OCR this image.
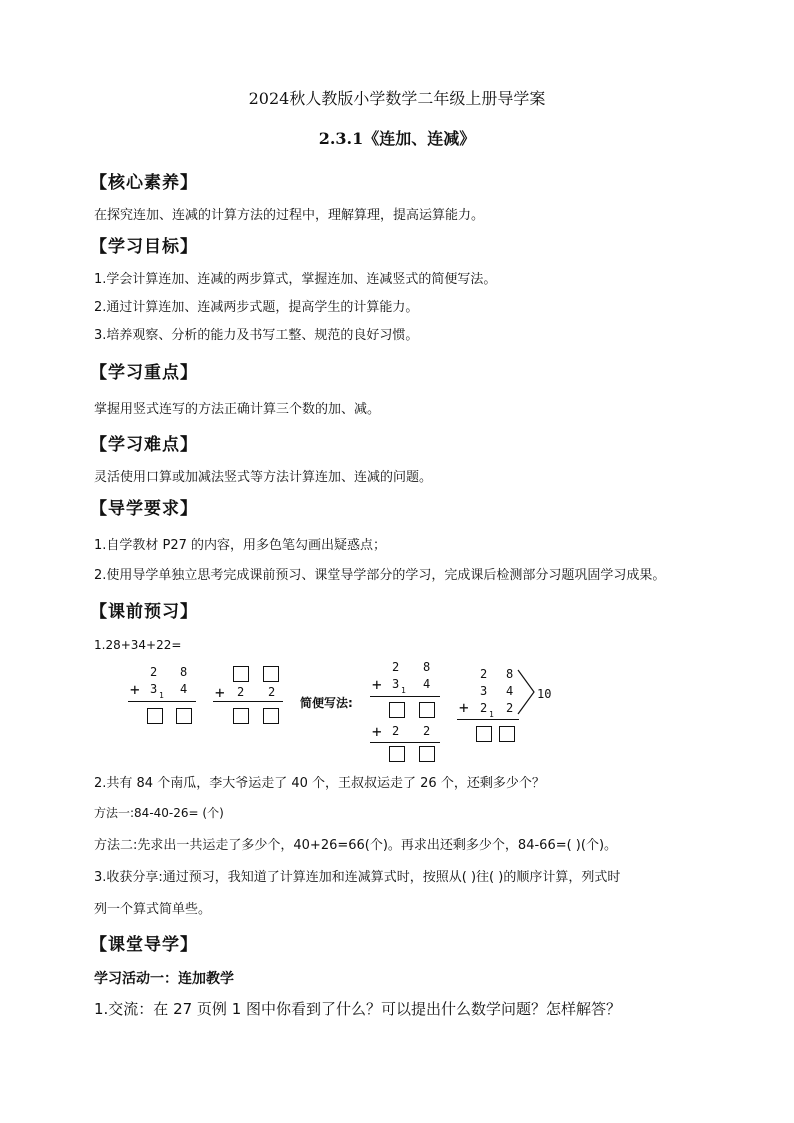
2024秋人教版小学数学二年级上册导学案
2.3.1《连加、连减》
【核心素养】
在探究连加、连减的计算方法的过程中，理解算理，提高运算能力。
【学习目标】
1.学会计算连加、连减的两步算式，掌握连加、连减竖式的简便写法。
2.通过计算连加、连减两步式题，提高学生的计算能力。
3.培养观察、分析的能力及书写工整、规范的良好习惯。
【学习重点】
掌握用竖式连写的方法正确计算三个数的加、减。
【学习难点】
灵活使用口算或加减法竖式等方法计算连加、连减的问题。
【导学要求】
1.自学教材 P27 的内容，用多色笔勾画出疑惑点；
2.使用导学单独立思考完成课前预习、课堂导学部分的学习，完成课后检测部分习题巩固学习成果。
【课前预习】
1.28+34+22=
2 8
+ 3 1 4 + 2 2
简便写法:
2 8
+ 3 1 4
+ 2 2
2 8
3 4
+ 2 1 2
10
2.共有 84 个南瓜，李大爷运走了 40 个，王叔叔运走了 26 个，还剩多少个？
方法一:84-40-26= (个)
方法二:先求出一共运走了多少个，40+26=66(个)。再求出还剩多少个，84-66=( )(个)。
3.收获分享:通过预习，我知道了计算连加和连减算式时，按照从( )往( )的顺序计算，列式时
列一个算式简单些。
【课堂导学】
学习活动一：连加教学
1.交流：在 27 页例 1 图中你看到了什么？可以提出什么数学问题？怎样解答？
